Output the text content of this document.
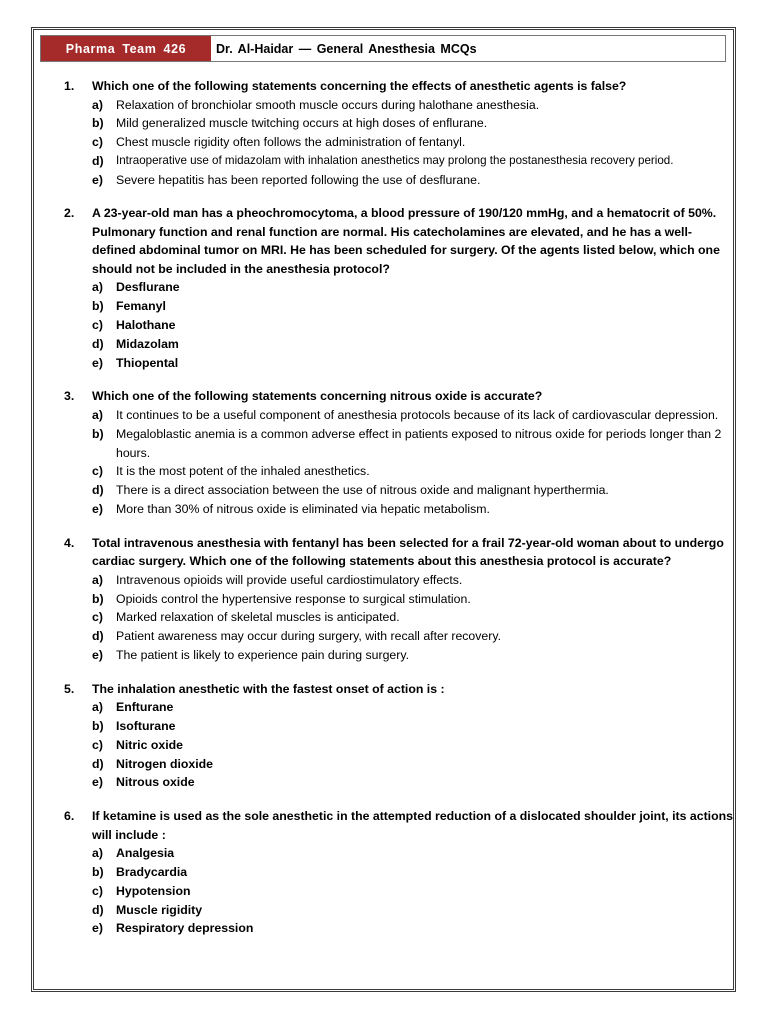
Pharma Team 426	Dr. Al-Haidar — General Anesthesia MCQs
1.	Which one of the following statements concerning the effects of anesthetic agents is false?
a)	Relaxation of bronchiolar smooth muscle occurs during halothane anesthesia.
b)	Mild generalized muscle twitching occurs at high doses of enflurane.
c)	Chest muscle rigidity often follows the administration of fentanyl.
d)	Intraoperative use of midazolam with inhalation anesthetics may prolong the postanesthesia recovery period.
e)	Severe hepatitis has been reported following the use of desflurane.
2.	A 23-year-old man has a pheochromocytoma, a blood pressure of 190/120 mmHg, and a hematocrit of 50%. Pulmonary function and renal function are normal. His catecholamines are elevated, and he has a well-defined abdominal tumor on MRI. He has been scheduled for surgery. Of the agents listed below, which one should not be included in the anesthesia protocol?
a)	Desflurane
b)	Femanyl
c)	Halothane
d)	Midazolam
e)	Thiopental
3.	Which one of the following statements concerning nitrous oxide is accurate?
a)	It continues to be a useful component of anesthesia protocols because of its lack of cardiovascular depression.
b)	Megaloblastic anemia is a common adverse effect in patients exposed to nitrous oxide for periods longer than 2 hours.
c)	It is the most potent of the inhaled anesthetics.
d)	There is a direct association between the use of nitrous oxide and malignant hyperthermia.
e)	More than 30% of nitrous oxide is eliminated via hepatic metabolism.
4.	Total intravenous anesthesia with fentanyl has been selected for a frail 72-year-old woman about to undergo cardiac surgery. Which one of the following statements about this anesthesia protocol is accurate?
a)	Intravenous opioids will provide useful cardiostimulatory effects.
b)	Opioids control the hypertensive response to surgical stimulation.
c)	Marked relaxation of skeletal muscles is anticipated.
d)	Patient awareness may occur during surgery, with recall after recovery.
e)	The patient is likely to experience pain during surgery.
5.	The inhalation anesthetic with the fastest onset of action is :
a)	Enfturane
b)	Isofturane
c)	Nitric oxide
d)	Nitrogen dioxide
e)	Nitrous oxide
6.	If ketamine is used as the sole anesthetic in the attempted reduction of a dislocated shoulder joint, its actions will include :
a)	Analgesia
b)	Bradycardia
c)	Hypotension
d)	Muscle rigidity
e)	Respiratory depression
